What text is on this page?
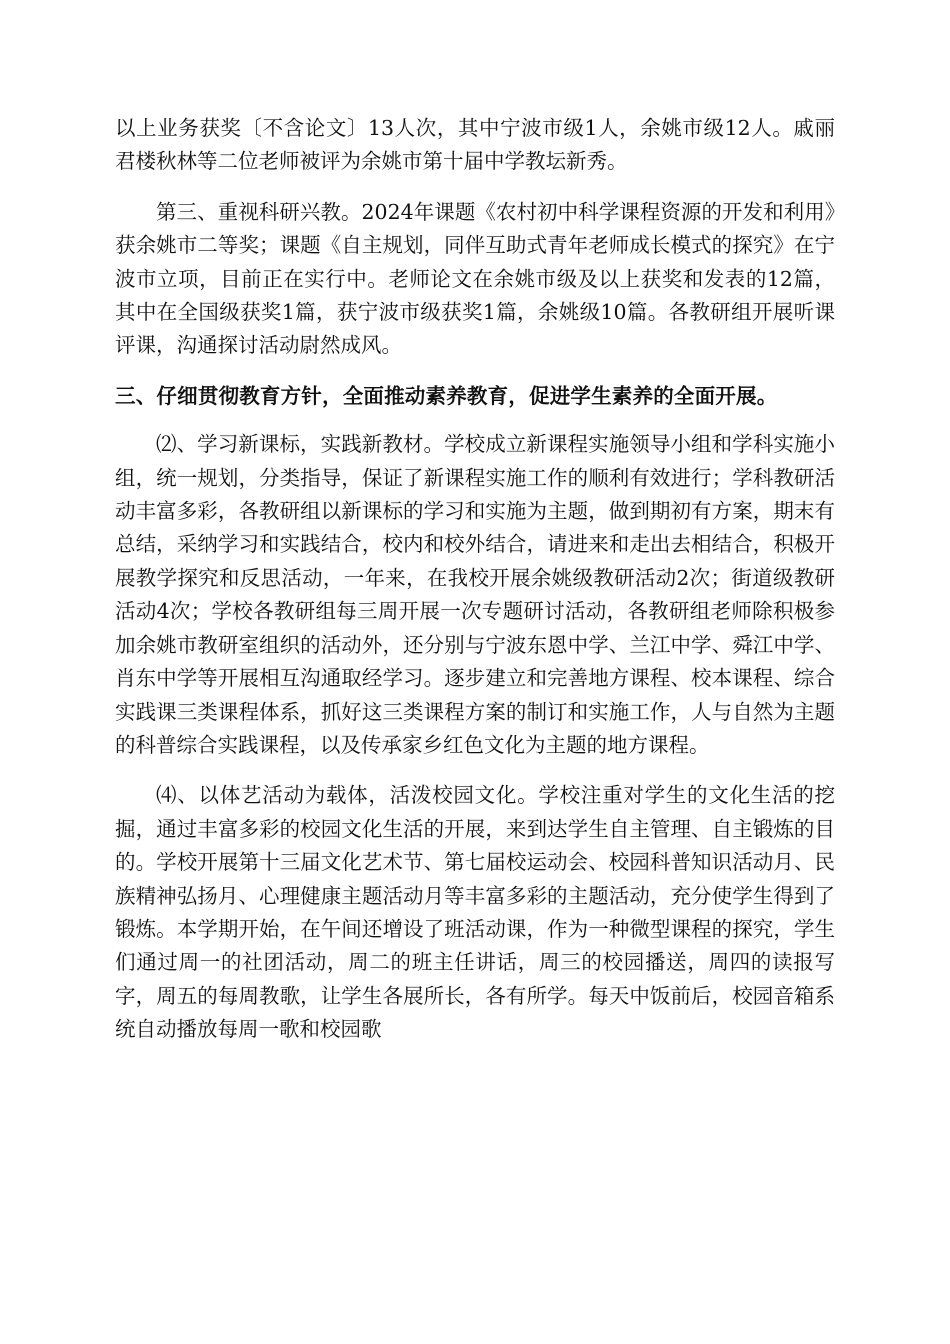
以上业务获奖〔不含论文〕13人次，其中宁波市级1人，余姚市级12人。戚丽君楼秋林等二位老师被评为余姚市第十届中学教坛新秀。

第三、重视科研兴教。2024年课题《农村初中科学课程资源的开发和利用》获余姚市二等奖；课题《自主规划，同伴互助式青年老师成长模式的探究》在宁波市立项，目前正在实行中。老师论文在余姚市级及以上获奖和发表的12篇，其中在全国级获奖1篇，获宁波市级获奖1篇，余姚级10篇。各教研组开展听课评课，沟通探讨活动尉然成风。

三、仔细贯彻教育方针，全面推动素养教育，促进学生素养的全面开展。

⑵、学习新课标，实践新教材。学校成立新课程实施领导小组和学科实施小组，统一规划，分类指导，保证了新课程实施工作的顺利有效进行；学科教研活动丰富多彩，各教研组以新课标的学习和实施为主题，做到期初有方案，期末有总结，采纳学习和实践结合，校内和校外结合，请进来和走出去相结合，积极开展教学探究和反思活动，一年来，在我校开展余姚级教研活动2次；街道级教研活动4次；学校各教研组每三周开展一次专题研讨活动，各教研组老师除积极参加余姚市教研室组织的活动外，还分别与宁波东恩中学、兰江中学、舜江中学、肖东中学等开展相互沟通取经学习。逐步建立和完善地方课程、校本课程、综合实践课三类课程体系，抓好这三类课程方案的制订和实施工作，人与自然为主题的科普综合实践课程，以及传承家乡红色文化为主题的地方课程。

⑷、以体艺活动为载体，活泼校园文化。学校注重对学生的文化生活的挖掘，通过丰富多彩的校园文化生活的开展，来到达学生自主管理、自主锻炼的目的。学校开展第十三届文化艺术节、第七届校运动会、校园科普知识活动月、民族精神弘扬月、心理健康主题活动月等丰富多彩的主题活动，充分使学生得到了锻炼。本学期开始，在午间还增设了班活动课，作为一种微型课程的探究，学生们通过周一的社团活动，周二的班主任讲话，周三的校园播送，周四的读报写字，周五的每周教歌，让学生各展所长，各有所学。每天中饭前后，校园音箱系统自动播放每周一歌和校园歌
